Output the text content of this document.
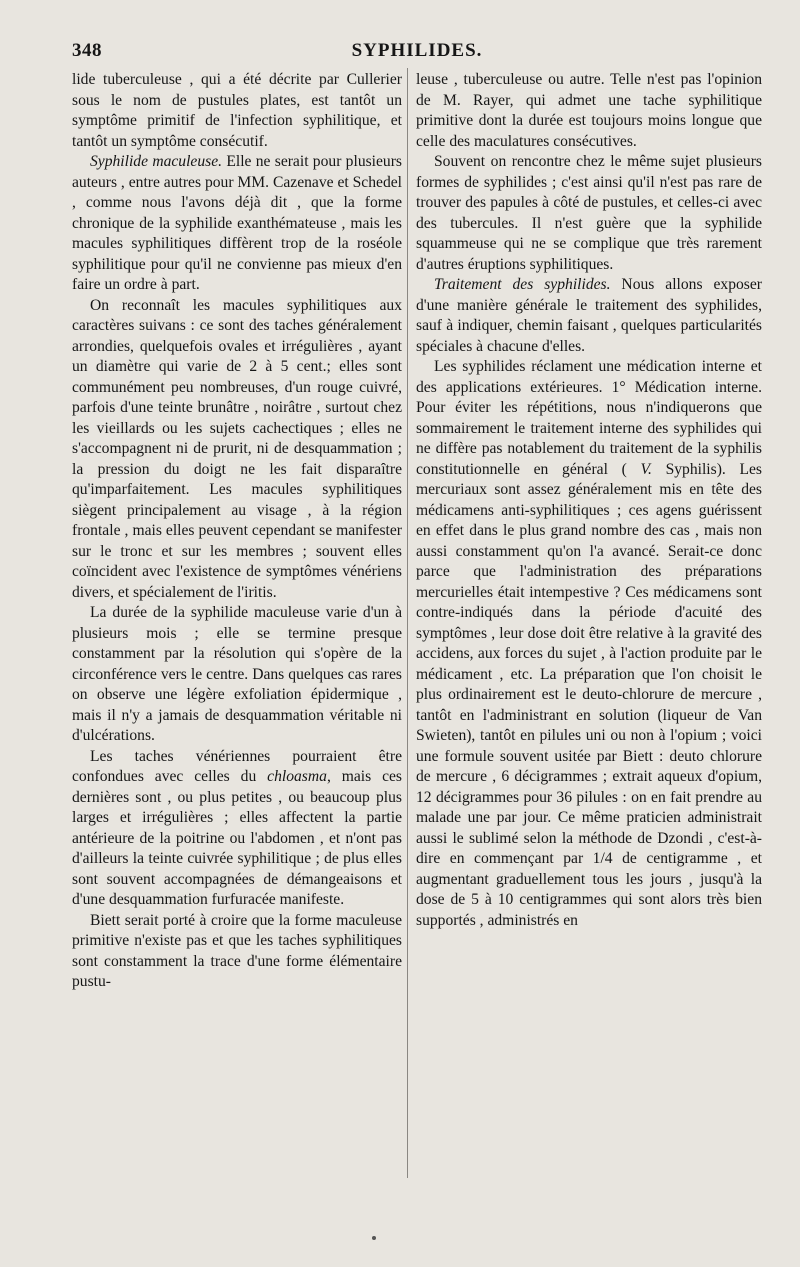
348	SYPHILIDES.

lide tuberculeuse , qui a été décrite par Cullerier sous le nom de pustules plates, est tantôt un symptôme primitif de l'infection syphilitique, et tantôt un symptôme consécutif.

Syphilide maculeuse. Elle ne serait pour plusieurs auteurs , entre autres pour MM. Cazenave et Schedel , comme nous l'avons déjà dit , que la forme chronique de la syphilide exanthémateuse , mais les macules syphilitiques diffèrent trop de la roséole syphilitique pour qu'il ne convienne pas mieux d'en faire un ordre à part.

On reconnaît les macules syphilitiques aux caractères suivans : ce sont des taches généralement arrondies, quelquefois ovales et irrégulières , ayant un diamètre qui varie de 2 à 5 cent.; elles sont communément peu nombreuses, d'un rouge cuivré, parfois d'une teinte brunâtre , noirâtre , surtout chez les vieillards ou les sujets cachectiques ; elles ne s'accompagnent ni de prurit, ni de desquammation ; la pression du doigt ne les fait disparaître qu'imparfaitement. Les macules syphilitiques siègent principalement au visage , à la région frontale , mais elles peuvent cependant se manifester sur le tronc et sur les membres ; souvent elles coïncident avec l'existence de symptômes vénériens divers, et spécialement de l'iritis.

La durée de la syphilide maculeuse varie d'un à plusieurs mois ; elle se termine presque constamment par la résolution qui s'opère de la circonférence vers le centre. Dans quelques cas rares on observe une légère exfoliation épidermique , mais il n'y a jamais de desquammation véritable ni d'ulcérations.

Les taches vénériennes pourraient être confondues avec celles du chloasma, mais ces dernières sont , ou plus petites , ou beaucoup plus larges et irrégulières ; elles affectent la partie antérieure de la poitrine ou l'abdomen , et n'ont pas d'ailleurs la teinte cuivrée syphilitique ; de plus elles sont souvent accompagnées de démangeaisons et d'une desquammation furfuracée manifeste.

Biett serait porté à croire que la forme maculeuse primitive n'existe pas et que les taches syphilitiques sont constamment la trace d'une forme élémentaire pustu-

leuse , tuberculeuse ou autre. Telle n'est pas l'opinion de M. Rayer, qui admet une tache syphilitique primitive dont la durée est toujours moins longue que celle des maculatures consécutives.

Souvent on rencontre chez le même sujet plusieurs formes de syphilides ; c'est ainsi qu'il n'est pas rare de trouver des papules à côté de pustules, et celles-ci avec des tubercules. Il n'est guère que la syphilide squammeuse qui ne se complique que très rarement d'autres éruptions syphilitiques.

Traitement des syphilides. Nous allons exposer d'une manière générale le traitement des syphilides, sauf à indiquer, chemin faisant , quelques particularités spéciales à chacune d'elles.

Les syphilides réclament une médication interne et des applications extérieures. 1° Médication interne. Pour éviter les répétitions, nous n'indiquerons que sommairement le traitement interne des syphilides qui ne diffère pas notablement du traitement de la syphilis constitutionnelle en général ( V. Syphilis). Les mercuriaux sont assez généralement mis en tête des médicamens anti-syphilitiques ; ces agens guérissent en effet dans le plus grand nombre des cas , mais non aussi constamment qu'on l'a avancé. Serait-ce donc parce que l'administration des préparations mercurielles était intempestive ? Ces médicamens sont contre-indiqués dans la période d'acuité des symptômes , leur dose doit être relative à la gravité des accidens, aux forces du sujet , à l'action produite par le médicament , etc. La préparation que l'on choisit le plus ordinairement est le deuto-chlorure de mercure , tantôt en l'administrant en solution (liqueur de Van Swieten), tantôt en pilules uni ou non à l'opium ; voici une formule souvent usitée par Biett : deuto chlorure de mercure , 6 décigrammes ; extrait aqueux d'opium, 12 décigrammes pour 36 pilules : on en fait prendre au malade une par jour. Ce même praticien administrait aussi le sublimé selon la méthode de Dzondi , c'est-à-dire en commençant par 1/4 de centigramme , et augmentant graduellement tous les jours , jusqu'à la dose de 5 à 10 centigrammes qui sont alors très bien supportés , administrés en
